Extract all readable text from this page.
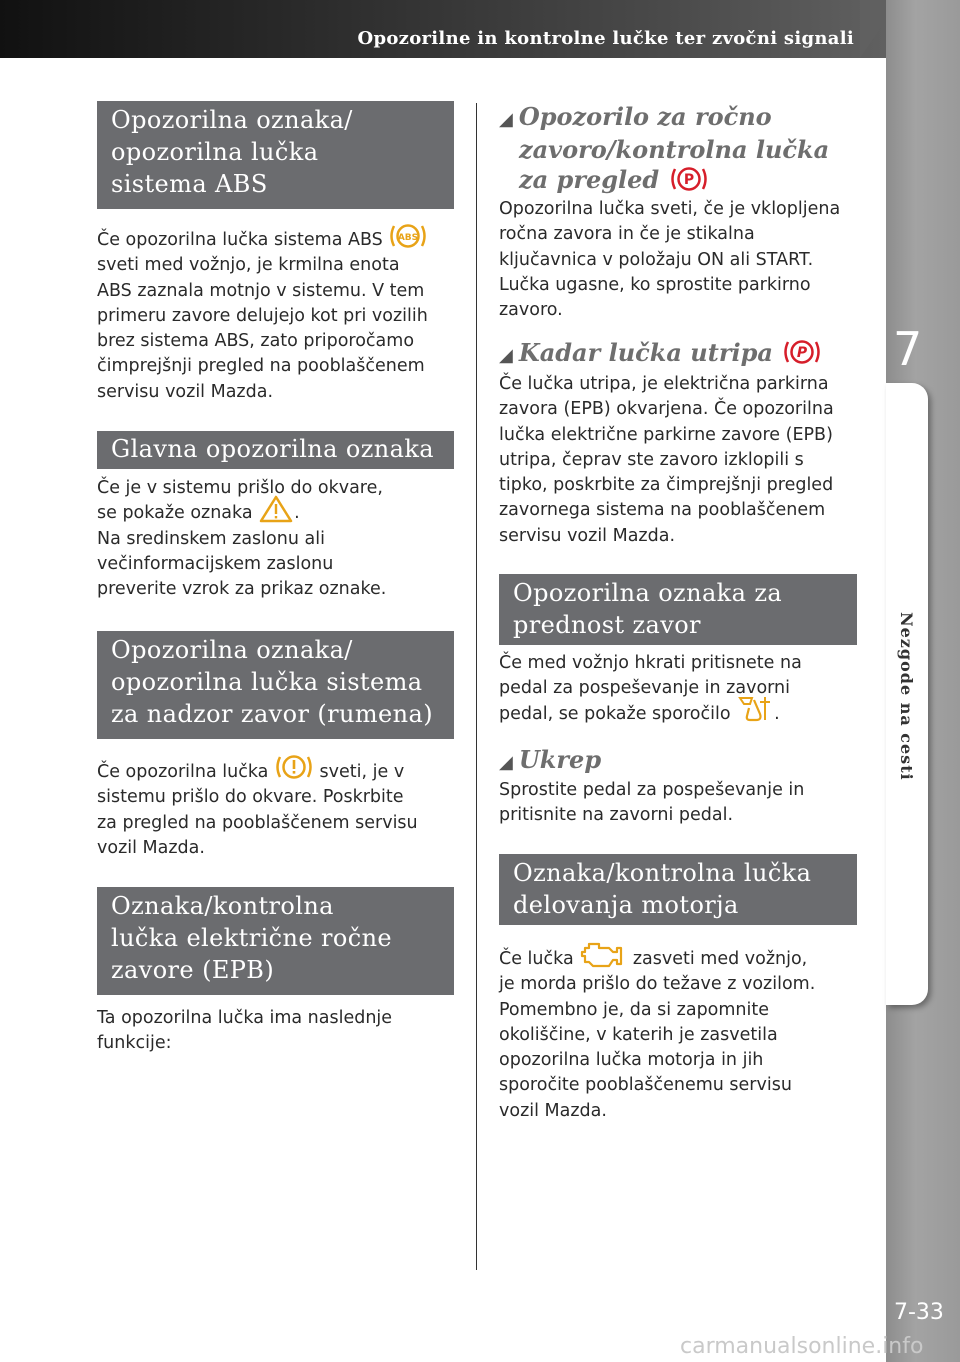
Opozorilne in kontrolne lučke ter zvočni signali
7
Nezgode na cesti
7-33
carmanualsonline.info
Opozorilna oznaka/
opozorilna lučka
sistema ABS
Če opozorilna lučka sistema ABS ABS
sveti med vožnjo, je krmilna enota
ABS zaznala motnjo v sistemu. V tem
primeru zavore delujejo kot pri vozilih
brez sistema ABS, zato priporočamo
čimprejšnji pregled na pooblaščenem
servisu vozil Mazda.
Glavna opozorilna oznaka
Če je v sistemu prišlo do okvare,
se pokaže oznaka .
Na sredinskem zaslonu ali
večinformacijskem zaslonu
preverite vzrok za prikaz oznake.
Opozorilna oznaka/
opozorilna lučka sistema
za nadzor zavor (rumena)
Če opozorilna lučka	sveti, je v
sistemu prišlo do okvare. Poskrbite
za pregled na pooblaščenem servisu
vozil Mazda.
Oznaka/kontrolna
lučka električne ročne
zavore (EPB)
Ta opozorilna lučka ima naslednje
funkcije:
◢ Opozorilo za ročno
zavoro/kontrolna lučka
za pregled P
Opozorilna lučka sveti, če je vklopljena
ročna zavora in če je stikalna
ključavnica v položaju ON ali START.
Lučka ugasne, ko sprostite parkirno
zavoro.
◢ Kadar lučka utripa P
Če lučka utripa, je električna parkirna
zavora (EPB) okvarjena. Če opozorilna
lučka električne parkirne zavore (EPB)
utripa, čeprav ste zavoro izklopili s
tipko, poskrbite za čimprejšnji pregled
zavornega sistema na pooblaščenem
servisu vozil Mazda.
Opozorilna oznaka za
prednost zavor
Če med vožnjo hkrati pritisnete na
pedal za pospeševanje in zavorni
pedal, se pokaže sporočilo .
◢ Ukrep
Sprostite pedal za pospeševanje in
pritisnite na zavorni pedal.
Oznaka/kontrolna lučka
delovanja motorja
Če lučka	zasveti med vožnjo,
je morda prišlo do težave z vozilom.
Pomembno je, da si zapomnite
okoliščine, v katerih je zasvetila
opozorilna lučka motorja in jih
sporočite pooblaščenemu servisu
vozil Mazda.
